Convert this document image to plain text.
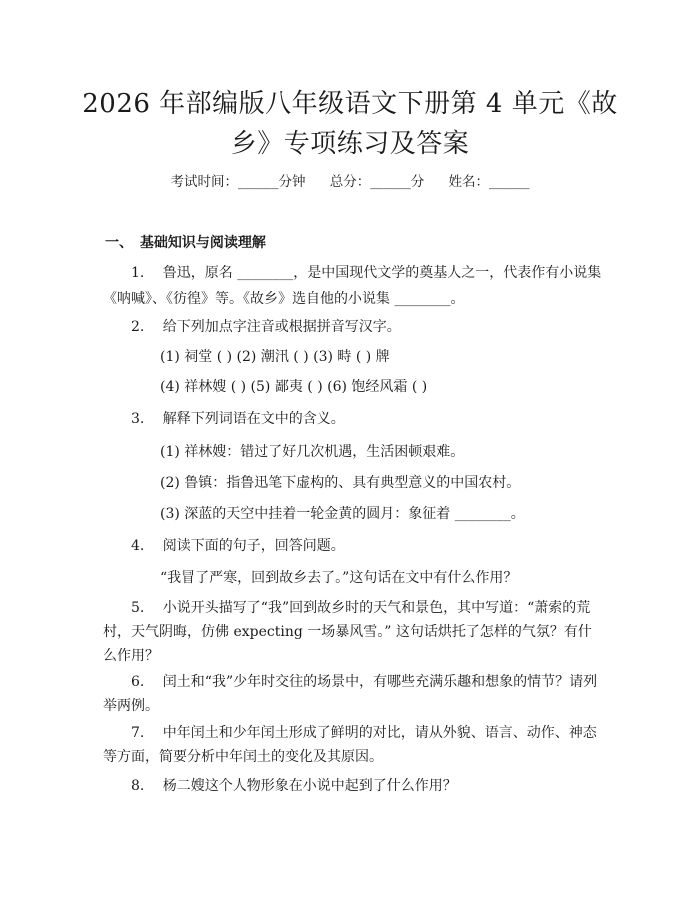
2026 年部编版八年级语文下册第 4 单元《故
乡》专项练习及答案
考试时间：______分钟 总分：______分 姓名：______
一、 基础知识与阅读理解
1.　 鲁迅，原名 ________，是中国现代文学的奠基人之一，代表作有小说集
《呐喊》、《彷徨》等。《故乡》选自他的小说集 ________。
2.　 给下列加点字注音或根据拼音写汉字。
(1) 祠堂 ( ) (2) 潮汛 ( ) (3) 畤 ( ) 牌
(4) 祥林嫂 ( ) (5) 鄙夷 ( ) (6) 饱经风霜 ( )
3.　 解释下列词语在文中的含义。
(1) 祥林嫂：错过了好几次机遇，生活困顿艰难。
(2) 鲁镇：指鲁迅笔下虚构的、具有典型意义的中国农村。
(3) 深蓝的天空中挂着一轮金黄的圆月：象征着 ________。
4.　 阅读下面的句子，回答问题。
“我冒了严寒，回到故乡去了。”这句话在文中有什么作用？
5.　 小说开头描写了“我”回到故乡时的天气和景色，其中写道：“萧索的荒村，天气阴晦，仿佛 expecting 一场暴风雪。” 这句话烘托了怎样的气氛？有什么作用？
6.　 闰土和“我”少年时交往的场景中，有哪些充满乐趣和想象的情节？请列举两例。
7.　 中年闰土和少年闰土形成了鲜明的对比，请从外貌、语言、动作、神态等方面，简要分析中年闰土的变化及其原因。
8.　 杨二嫂这个人物形象在小说中起到了什么作用？
